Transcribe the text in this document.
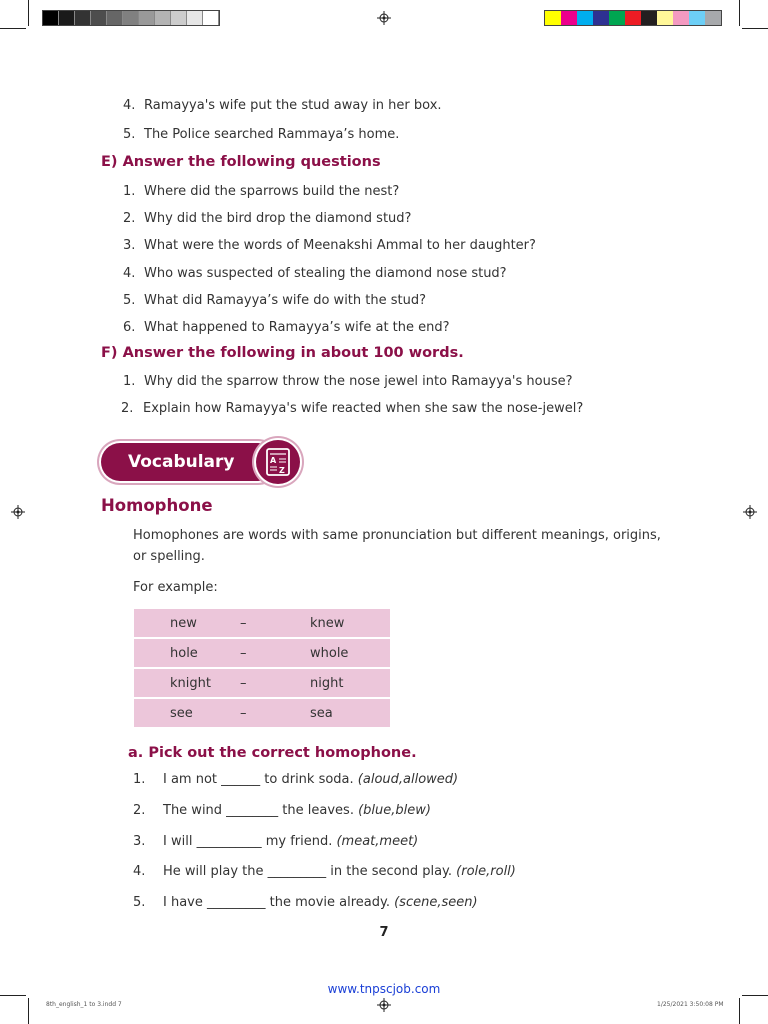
4. Ramayya's wife put the stud away in her box.
5. The Police searched Rammaya’s home.
E) Answer the following questions
1. Where did the sparrows build the nest?
2. Why did the bird drop the diamond stud?
3. What were the words of Meenakshi Ammal to her daughter?
4. Who was suspected of stealing the diamond nose stud?
5. What did Ramayya’s wife do with the stud?
6. What happened to Ramayya’s wife at the end?
F) Answer the following in about 100 words.
1. Why did the sparrow throw the nose jewel into Ramayya's house?
2. Explain how Ramayya's wife reacted when she saw the nose-jewel?
Vocabulary	A
Z
Homophone
Homophones are words with same pronunciation but different meanings, origins,
or spelling.
For example:
new	–	knew
hole	–	whole
knight	–	night
see	–	sea
a. Pick out the correct homophone.
1. I am not ______ to drink soda. (aloud,allowed)
2. The wind ________ the leaves. (blue,blew)
3. I will __________ my friend. (meat,meet)
4. He will play the _________ in the second play. (role,roll)
5. I have _________ the movie already. (scene,seen)
7
www.tnpscjob.com
8th_english_1 to 3.indd 7	1/25/2021 3:50:08 PM
